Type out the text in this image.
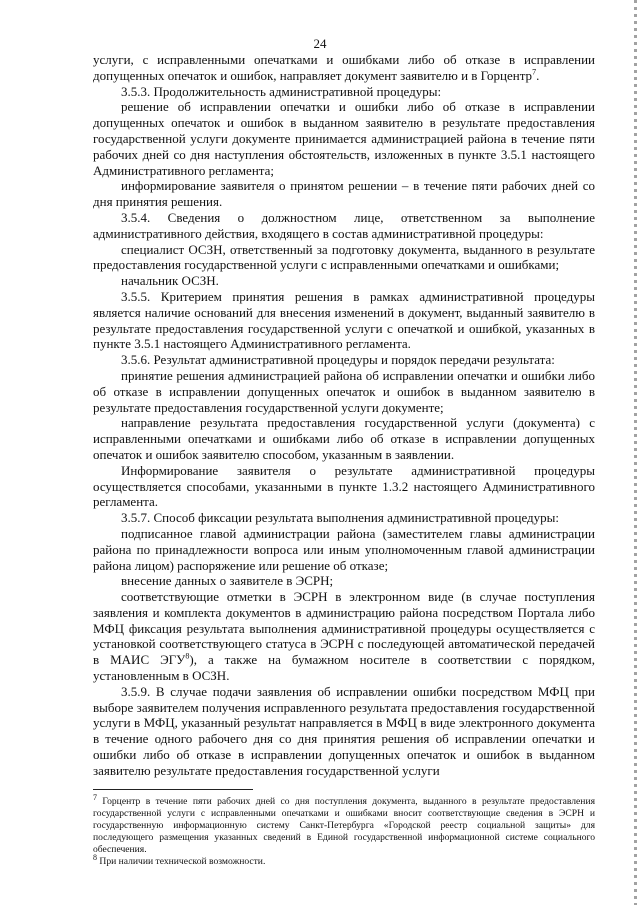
24

услуги, с исправленными опечатками и ошибками либо об отказе в исправлении допущенных опечаток и ошибок, направляет документ заявителю и в Горцентр$^7$.

3.5.3. Продолжительность административной процедуры:

решение об исправлении опечатки и ошибки либо об отказе в исправлении допущенных опечаток и ошибок в выданном заявителю в результате предоставления государственной услуги документе принимается администрацией района в течение пяти рабочих дней со дня наступления обстоятельств, изложенных в пункте 3.5.1 настоящего Административного регламента;

информирование заявителя о принятом решении – в течение пяти рабочих дней со дня принятия решения.

3.5.4. Сведения о должностном лице, ответственном за выполнение административного действия, входящего в состав административной процедуры:

специалист ОСЗН, ответственный за подготовку документа, выданного в результате предоставления государственной услуги с исправленными опечатками и ошибками;

начальник ОСЗН.

3.5.5. Критерием принятия решения в рамках административной процедуры является наличие оснований для внесения изменений в документ, выданный заявителю в результате предоставления государственной услуги с опечаткой и ошибкой, указанных в пункте 3.5.1 настоящего Административного регламента.

3.5.6. Результат административной процедуры и порядок передачи результата:

принятие решения администрацией района об исправлении опечатки и ошибки либо об отказе в исправлении допущенных опечаток и ошибок в выданном заявителю в результате предоставления государственной услуги документе;

направление результата предоставления государственной услуги (документа) с исправленными опечатками и ошибками либо об отказе в исправлении допущенных опечаток и ошибок заявителю способом, указанным в заявлении.

Информирование заявителя о результате административной процедуры осуществляется способами, указанными в пункте 1.3.2 настоящего Административного регламента.

3.5.7. Способ фиксации результата выполнения административной процедуры:

подписанное главой администрации района (заместителем главы администрации района по принадлежности вопроса или иным уполномоченным главой администрации района лицом) распоряжение или решение об отказе;

внесение данных о заявителе в ЭСРН;

соответствующие отметки в ЭСРН в электронном виде (в случае поступления заявления и комплекта документов в администрацию района посредством Портала либо МФЦ фиксация результата выполнения административной процедуры осуществляется с установкой соответствующего статуса в ЭСРН с последующей автоматической передачей в МАИС ЭГУ$^8$), а также на бумажном носителе в соответствии с порядком, установленным в ОСЗН.

3.5.9. В случае подачи заявления об исправлении ошибки посредством МФЦ при выборе заявителем получения исправленного результата предоставления государственной услуги в МФЦ, указанный результат направляется в МФЦ в виде электронного документа в течение одного рабочего дня со дня принятия решения об исправлении опечатки и ошибки либо об отказе в исправлении допущенных опечаток и ошибок в выданном заявителю результате предоставления государственной услуги

$^7$ Горцентр в течение пяти рабочих дней со дня поступления документа, выданного в результате предоставления государственной услуги с исправленными опечатками и ошибками вносит соответствующие сведения в ЭСРН и государственную информационную систему Санкт-Петербурга «Городской реестр социальной защиты» для последующего размещения указанных сведений в Единой государственной информационной системе социального обеспечения.

$^8$ При наличии технической возможности.
